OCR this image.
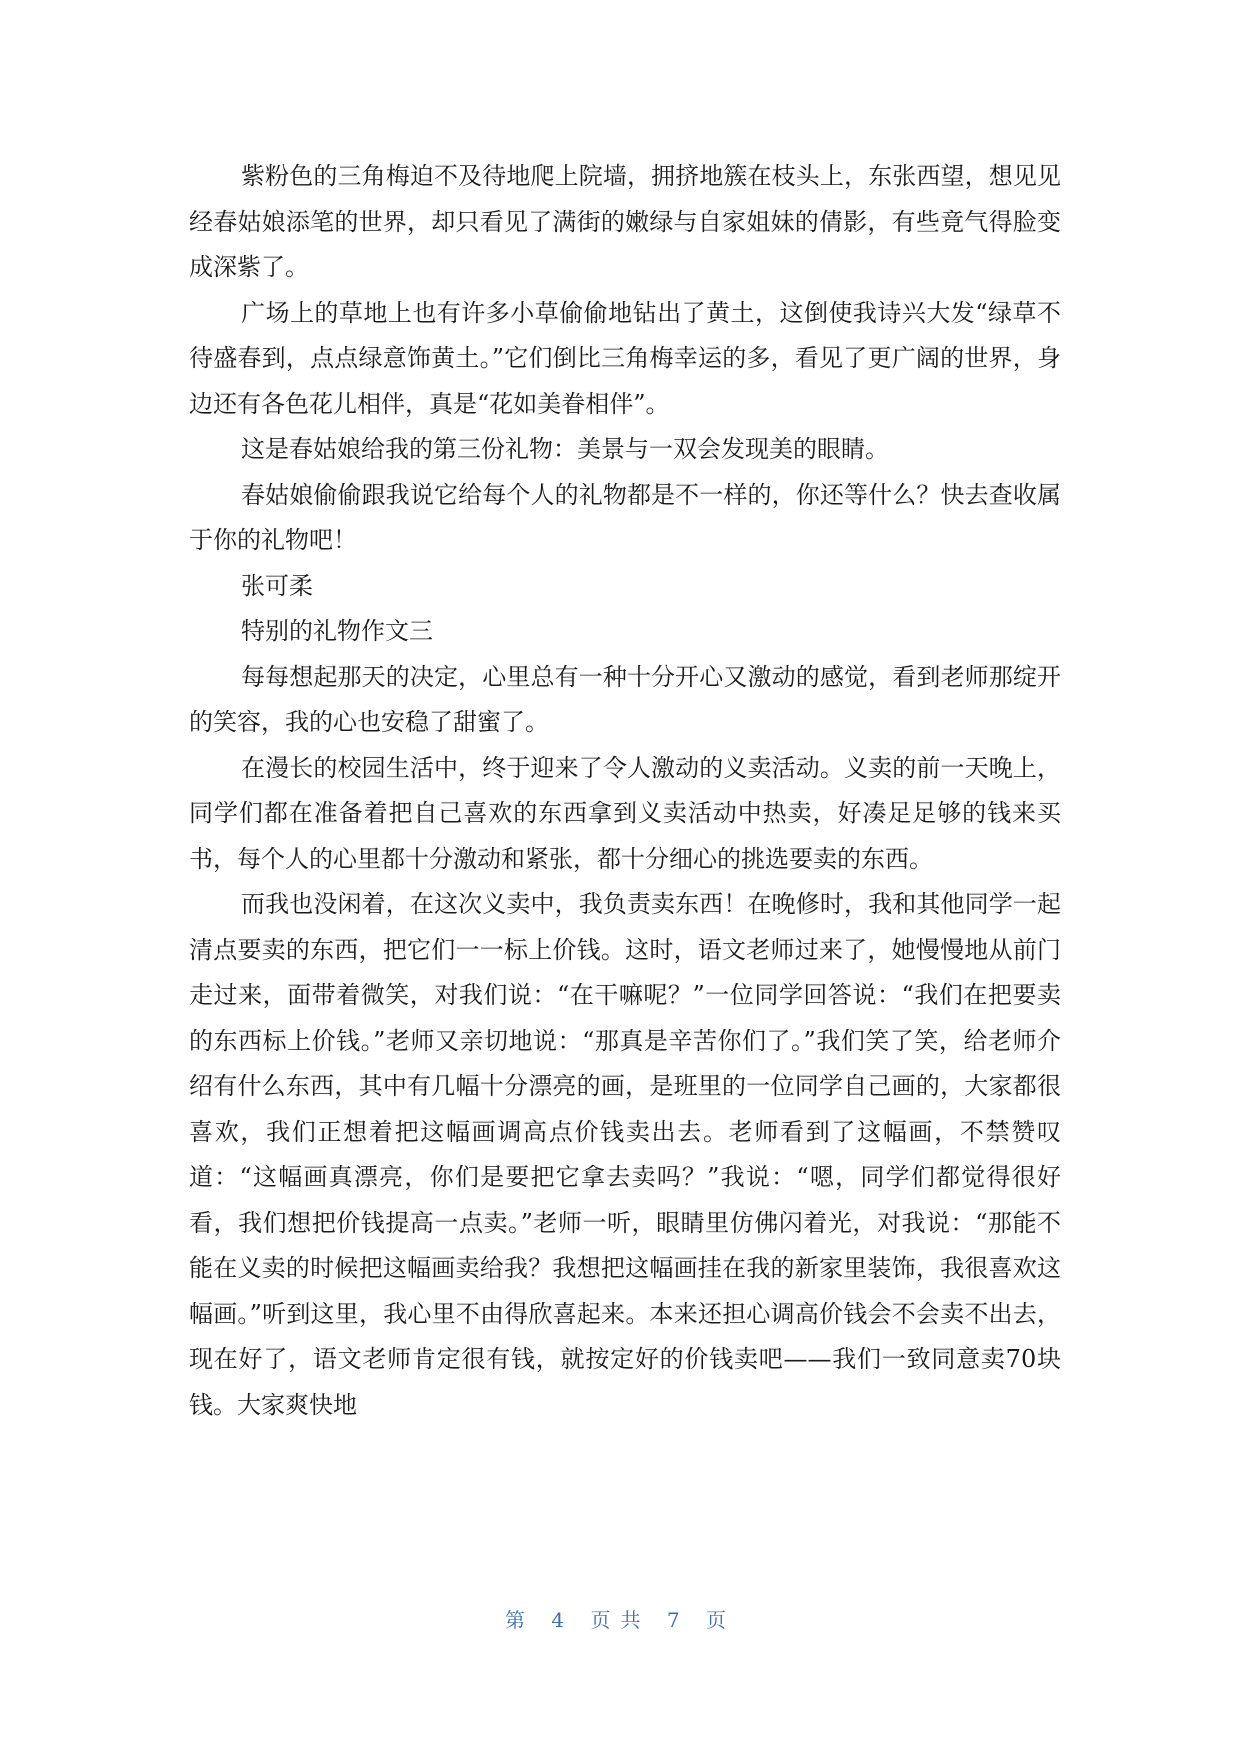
紫粉色的三角梅迫不及待地爬上院墙，拥挤地簇在枝头上，东张西望，想见见经春姑娘添笔的世界，却只看见了满街的嫩绿与自家姐妹的倩影，有些竟气得脸变成深紫了。

广场上的草地上也有许多小草偷偷地钻出了黄土，这倒使我诗兴大发“绿草不待盛春到，点点绿意饰黄土。”它们倒比三角梅幸运的多，看见了更广阔的世界，身边还有各色花儿相伴，真是“花如美眷相伴”。

这是春姑娘给我的第三份礼物：美景与一双会发现美的眼睛。

春姑娘偷偷跟我说它给每个人的礼物都是不一样的，你还等什么？快去查收属于你的礼物吧！

张可柔

特别的礼物作文三

每每想起那天的决定，心里总有一种十分开心又激动的感觉，看到老师那绽开的笑容，我的心也安稳了甜蜜了。

在漫长的校园生活中，终于迎来了令人激动的义卖活动。义卖的前一天晚上，同学们都在准备着把自己喜欢的东西拿到义卖活动中热卖，好凑足足够的钱来买书，每个人的心里都十分激动和紧张，都十分细心的挑选要卖的东西。

而我也没闲着，在这次义卖中，我负责卖东西！在晚修时，我和其他同学一起清点要卖的东西，把它们一一标上价钱。这时，语文老师过来了，她慢慢地从前门走过来，面带着微笑，对我们说：“在干嘛呢？”一位同学回答说：“我们在把要卖的东西标上价钱。”老师又亲切地说：“那真是辛苦你们了。”我们笑了笑，给老师介绍有什么东西，其中有几幅十分漂亮的画，是班里的一位同学自己画的，大家都很喜欢，我们正想着把这幅画调高点价钱卖出去。老师看到了这幅画，不禁赞叹道：“这幅画真漂亮，你们是要把它拿去卖吗？”我说：“嗯，同学们都觉得很好看，我们想把价钱提高一点卖。”老师一听，眼睛里仿佛闪着光，对我说：“那能不能在义卖的时候把这幅画卖给我？我想把这幅画挂在我的新家里装饰，我很喜欢这幅画。”听到这里，我心里不由得欣喜起来。本来还担心调高价钱会不会卖不出去，现在好了，语文老师肯定很有钱，就按定好的价钱卖吧——我们一致同意卖70块钱。大家爽快地

第 4 页共 7 页
